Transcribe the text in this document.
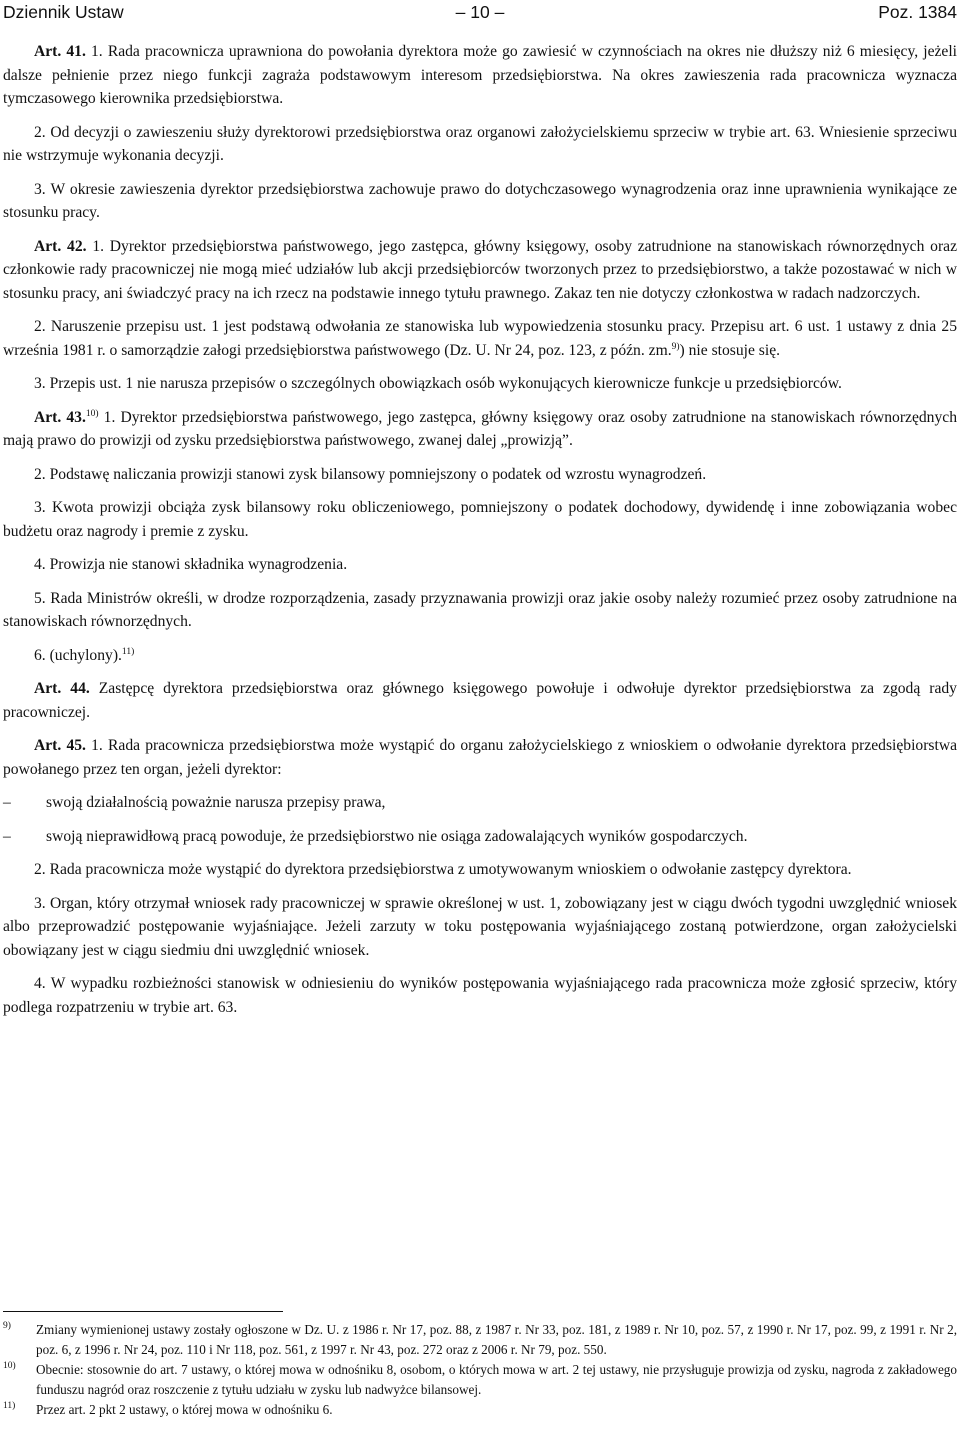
Dziennik Ustaw	– 10 –	Poz. 1384

Art. 41. 1. Rada pracownicza uprawniona do powołania dyrektora może go zawiesić w czynnościach na okres nie dłuższy niż 6 miesięcy, jeżeli dalsze pełnienie przez niego funkcji zagraża podstawowym interesom przedsiębiorstwa. Na okres zawieszenia rada pracownicza wyznacza tymczasowego kierownika przedsiębiorstwa.

2. Od decyzji o zawieszeniu służy dyrektorowi przedsiębiorstwa oraz organowi założycielskiemu sprzeciw w trybie art. 63. Wniesienie sprzeciwu nie wstrzymuje wykonania decyzji.

3. W okresie zawieszenia dyrektor przedsiębiorstwa zachowuje prawo do dotychczasowego wynagrodzenia oraz inne uprawnienia wynikające ze stosunku pracy.

Art. 42. 1. Dyrektor przedsiębiorstwa państwowego, jego zastępca, główny księgowy, osoby zatrudnione na stanowiskach równorzędnych oraz członkowie rady pracowniczej nie mogą mieć udziałów lub akcji przedsiębiorców tworzonych przez to przedsiębiorstwo, a także pozostawać w nich w stosunku pracy, ani świadczyć pracy na ich rzecz na podstawie innego tytułu prawnego. Zakaz ten nie dotyczy członkostwa w radach nadzorczych.

2. Naruszenie przepisu ust. 1 jest podstawą odwołania ze stanowiska lub wypowiedzenia stosunku pracy. Przepisu art. 6 ust. 1 ustawy z dnia 25 września 1981 r. o samorządzie załogi przedsiębiorstwa państwowego (Dz. U. Nr 24, poz. 123, z późn. zm.$^{9)}$) nie stosuje się.

3. Przepis ust. 1 nie narusza przepisów o szczególnych obowiązkach osób wykonujących kierownicze funkcje u przedsiębiorców.

Art. 43.$^{10)}$ 1. Dyrektor przedsiębiorstwa państwowego, jego zastępca, główny księgowy oraz osoby zatrudnione na stanowiskach równorzędnych mają prawo do prowizji od zysku przedsiębiorstwa państwowego, zwanej dalej „prowizją”.

2. Podstawę naliczania prowizji stanowi zysk bilansowy pomniejszony o podatek od wzrostu wynagrodzeń.

3. Kwota prowizji obciąża zysk bilansowy roku obliczeniowego, pomniejszony o podatek dochodowy, dywidendę i inne zobowiązania wobec budżetu oraz nagrody i premie z zysku.

4. Prowizja nie stanowi składnika wynagrodzenia.

5. Rada Ministrów określi, w drodze rozporządzenia, zasady przyznawania prowizji oraz jakie osoby należy rozumieć przez osoby zatrudnione na stanowiskach równorzędnych.

6. (uchylony).$^{11)}$

Art. 44. Zastępcę dyrektora przedsiębiorstwa oraz głównego księgowego powołuje i odwołuje dyrektor przedsiębiorstwa za zgodą rady pracowniczej.

Art. 45. 1. Rada pracownicza przedsiębiorstwa może wystąpić do organu założycielskiego z wnioskiem o odwołanie dyrektora przedsiębiorstwa powołanego przez ten organ, jeżeli dyrektor:

– swoją działalnością poważnie narusza przepisy prawa,
– swoją nieprawidłową pracą powoduje, że przedsiębiorstwo nie osiąga zadowalających wyników gospodarczych.

2. Rada pracownicza może wystąpić do dyrektora przedsiębiorstwa z umotywowanym wnioskiem o odwołanie zastępcy dyrektora.

3. Organ, który otrzymał wniosek rady pracowniczej w sprawie określonej w ust. 1, zobowiązany jest w ciągu dwóch tygodni uwzględnić wniosek albo przeprowadzić postępowanie wyjaśniające. Jeżeli zarzuty w toku postępowania wyjaśniającego zostaną potwierdzone, organ założycielski obowiązany jest w ciągu siedmiu dni uwzględnić wniosek.

4. W wypadku rozbieżności stanowisk w odniesieniu do wyników postępowania wyjaśniającego rada pracownicza może zgłosić sprzeciw, który podlega rozpatrzeniu w trybie art. 63.

9) Zmiany wymienionej ustawy zostały ogłoszone w Dz. U. z 1986 r. Nr 17, poz. 88, z 1987 r. Nr 33, poz. 181, z 1989 r. Nr 10, poz. 57, z 1990 r. Nr 17, poz. 99, z 1991 r. Nr 2, poz. 6, z 1996 r. Nr 24, poz. 110 i Nr 118, poz. 561, z 1997 r. Nr 43, poz. 272 oraz z 2006 r. Nr 79, poz. 550.
10) Obecnie: stosownie do art. 7 ustawy, o której mowa w odnośniku 8, osobom, o których mowa w art. 2 tej ustawy, nie przysługuje prowizja od zysku, nagroda z zakładowego funduszu nagród oraz roszczenie z tytułu udziału w zysku lub nadwyżce bilansowej.
11) Przez art. 2 pkt 2 ustawy, o której mowa w odnośniku 6.
